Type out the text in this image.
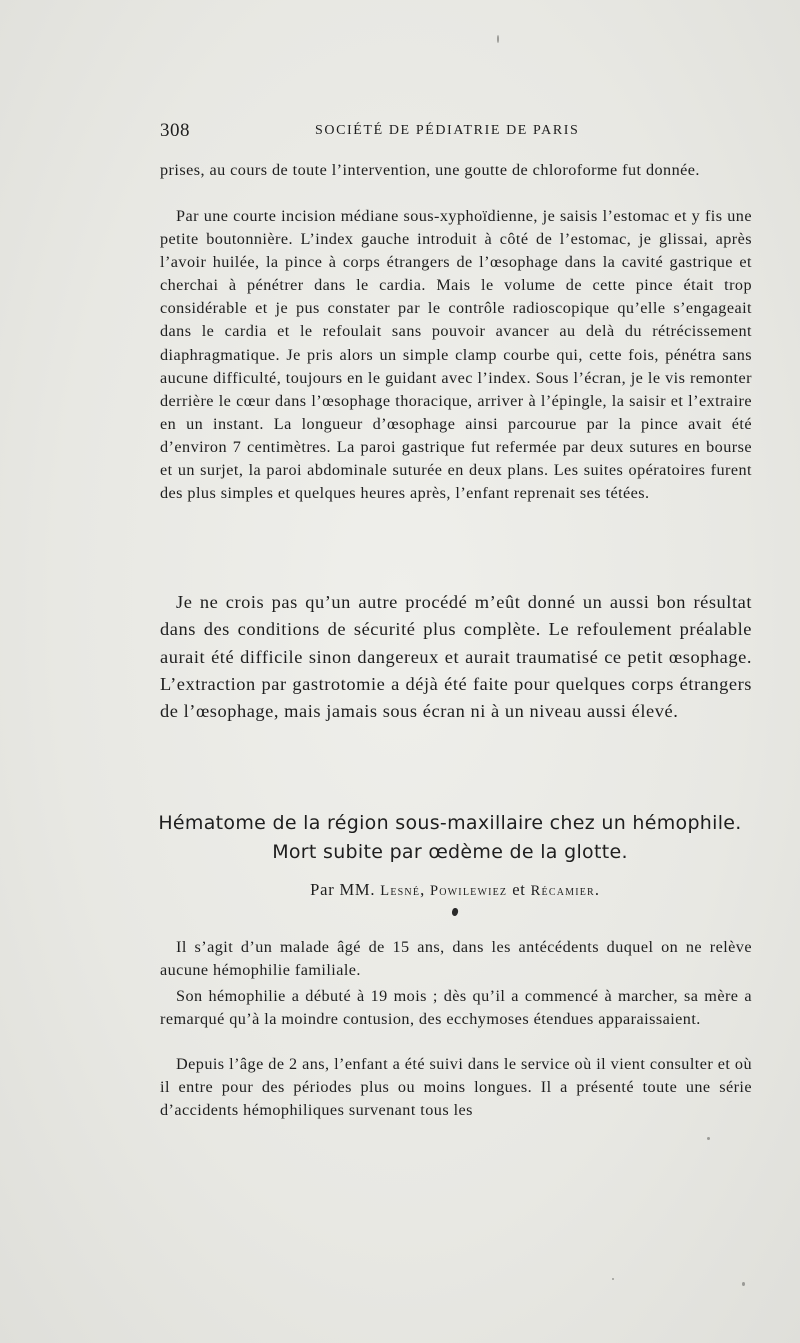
308	SOCIÉTÉ DE PÉDIATRIE DE PARIS

prises, au cours de toute l’intervention, une goutte de chloroforme fut donnée.

Par une courte incision médiane sous-xyphoïdienne, je saisis l’estomac et y fis une petite boutonnière. L’index gauche introduit à côté de l’estomac, je glissai, après l’avoir huilée, la pince à corps étrangers de l’œsophage dans la cavité gastrique et cherchai à pénétrer dans le cardia. Mais le volume de cette pince était trop considérable et je pus constater par le contrôle radioscopique qu’elle s’engageait dans le cardia et le refoulait sans pouvoir avancer au delà du rétrécissement diaphragmatique. Je pris alors un simple clamp courbe qui, cette fois, pénétra sans aucune difficulté, toujours en le guidant avec l’index. Sous l’écran, je le vis remonter derrière le cœur dans l’œsophage thoracique, arriver à l’épingle, la saisir et l’extraire en un instant. La longueur d’œsophage ainsi parcourue par la pince avait été d’environ 7 centimètres. La paroi gastrique fut refermée par deux sutures en bourse et un surjet, la paroi abdominale suturée en deux plans. Les suites opératoires furent des plus simples et quelques heures après, l’enfant reprenait ses tétées.

Je ne crois pas qu’un autre procédé m’eût donné un aussi bon résultat dans des conditions de sécurité plus complète. Le refoulement préalable aurait été difficile sinon dangereux et aurait traumatisé ce petit œsophage. L’extraction par gastrotomie a déjà été faite pour quelques corps étrangers de l’œsophage, mais jamais sous écran ni à un niveau aussi élevé.

Hématome de la région sous-maxillaire chez un hémophile.
Mort subite par œdème de la glotte.
Par MM. Lesné, Powilewiez et Récamier.

Il s’agit d’un malade âgé de 15 ans, dans les antécédents duquel on ne relève aucune hémophilie familiale.

Son hémophilie a débuté à 19 mois ; dès qu’il a commencé à marcher, sa mère a remarqué qu’à la moindre contusion, des ecchymoses étendues apparaissaient.

Depuis l’âge de 2 ans, l’enfant a été suivi dans le service où il vient consulter et où il entre pour des périodes plus ou moins longues. Il a présenté toute une série d’accidents hémophiliques survenant tous les
